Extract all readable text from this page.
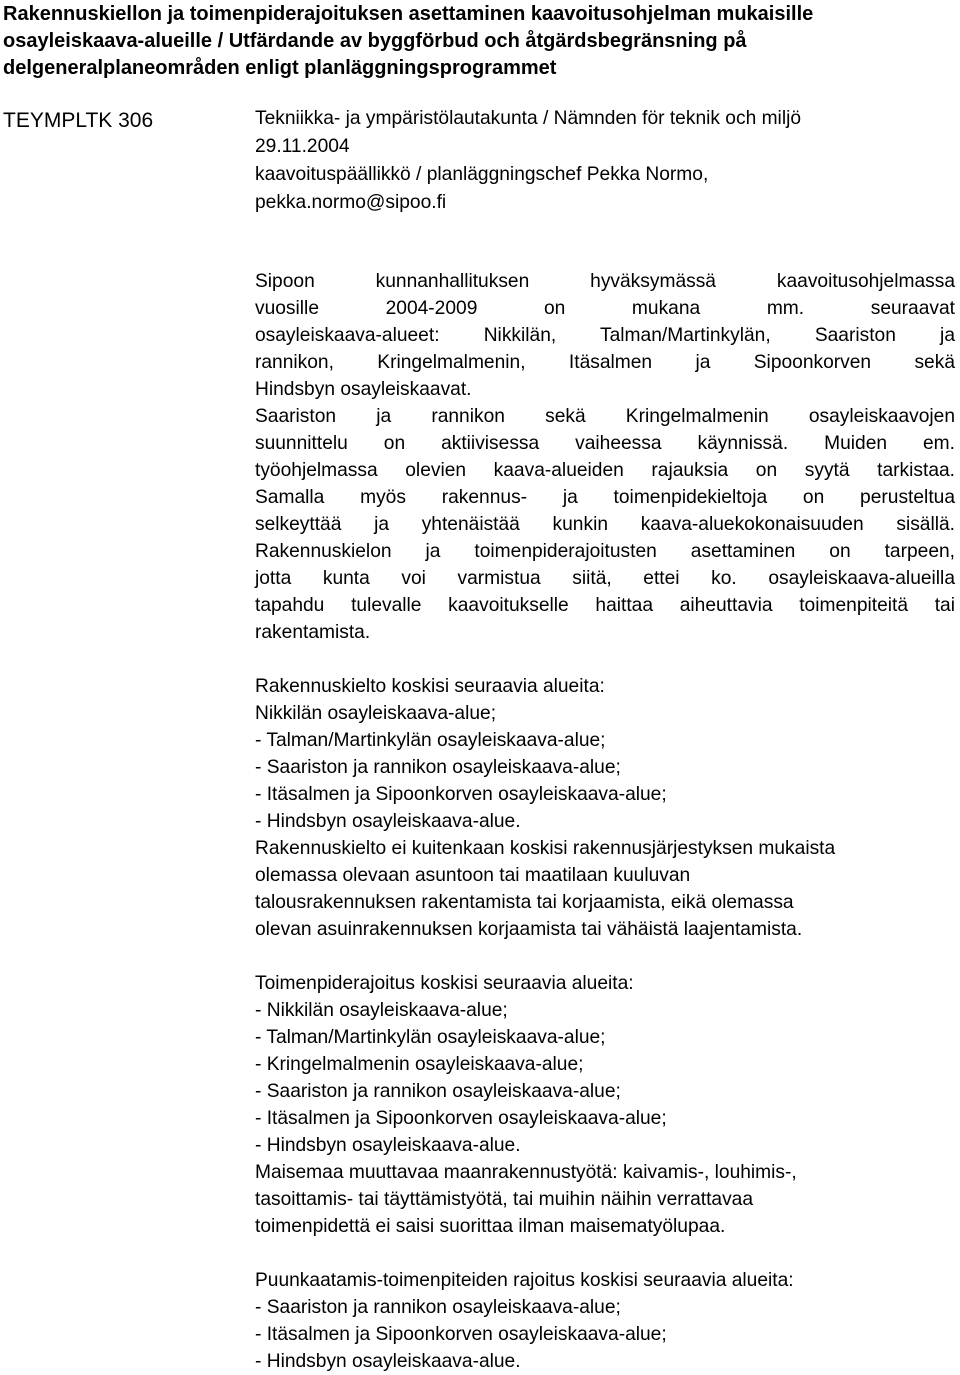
Rakennuskiellon ja toimenpiderajoituksen asettaminen kaavoitusohjelman mukaisille
osayleiskaava-alueille / Utfärdande av byggförbud och åtgärdsbegränsning på
delgeneralplaneområden enligt planläggningsprogrammet
TEYMPLTK 306	Tekniikka- ja ympäristölautakunta / Nämnden för teknik och miljö
29.11.2004
kaavoituspäällikkö / planläggningschef Pekka Normo,
pekka.normo@sipoo.fi
Sipoon kunnanhallituksen hyväksymässä kaavoitusohjelmassa
vuosille 2004-2009 on mukana mm. seuraavat
osayleiskaava-alueet: Nikkilän, Talman/Martinkylän, Saariston ja
rannikon, Kringelmalmenin, Itäsalmen ja Sipoonkorven sekä
Hindsbyn osayleiskaavat.
Saariston ja rannikon sekä Kringelmalmenin osayleiskaavojen
suunnittelu on aktiivisessa vaiheessa käynnissä. Muiden em.
työohjelmassa olevien kaava-alueiden rajauksia on syytä tarkistaa.
Samalla myös rakennus- ja toimenpidekieltoja on perusteltua
selkeyttää ja yhtenäistää kunkin kaava-aluekokonaisuuden sisällä.
Rakennuskielon ja toimenpiderajoitusten asettaminen on tarpeen,
jotta kunta voi varmistua siitä, ettei ko. osayleiskaava-alueilla
tapahdu tulevalle kaavoitukselle haittaa aiheuttavia toimenpiteitä tai
rakentamista.
Rakennuskielto koskisi seuraavia alueita:
Nikkilän osayleiskaava-alue;
- Talman/Martinkylän osayleiskaava-alue;
- Saariston ja rannikon osayleiskaava-alue;
- Itäsalmen ja Sipoonkorven osayleiskaava-alue;
- Hindsbyn osayleiskaava-alue.
Rakennuskielto ei kuitenkaan koskisi rakennusjärjestyksen mukaista
olemassa olevaan asuntoon tai maatilaan kuuluvan
talousrakennuksen rakentamista tai korjaamista, eikä olemassa
olevan asuinrakennuksen korjaamista tai vähäistä laajentamista.
Toimenpiderajoitus koskisi seuraavia alueita:
- Nikkilän osayleiskaava-alue;
- Talman/Martinkylän osayleiskaava-alue;
- Kringelmalmenin osayleiskaava-alue;
- Saariston ja rannikon osayleiskaava-alue;
- Itäsalmen ja Sipoonkorven osayleiskaava-alue;
- Hindsbyn osayleiskaava-alue.
Maisemaa muuttavaa maanrakennustyötä: kaivamis-, louhimis-,
tasoittamis- tai täyttämistyötä, tai muihin näihin verrattavaa
toimenpidettä ei saisi suorittaa ilman maisematyölupaa.
Puunkaatamis-toimenpiteiden rajoitus koskisi seuraavia alueita:
- Saariston ja rannikon osayleiskaava-alue;
- Itäsalmen ja Sipoonkorven osayleiskaava-alue;
- Hindsbyn osayleiskaava-alue.
